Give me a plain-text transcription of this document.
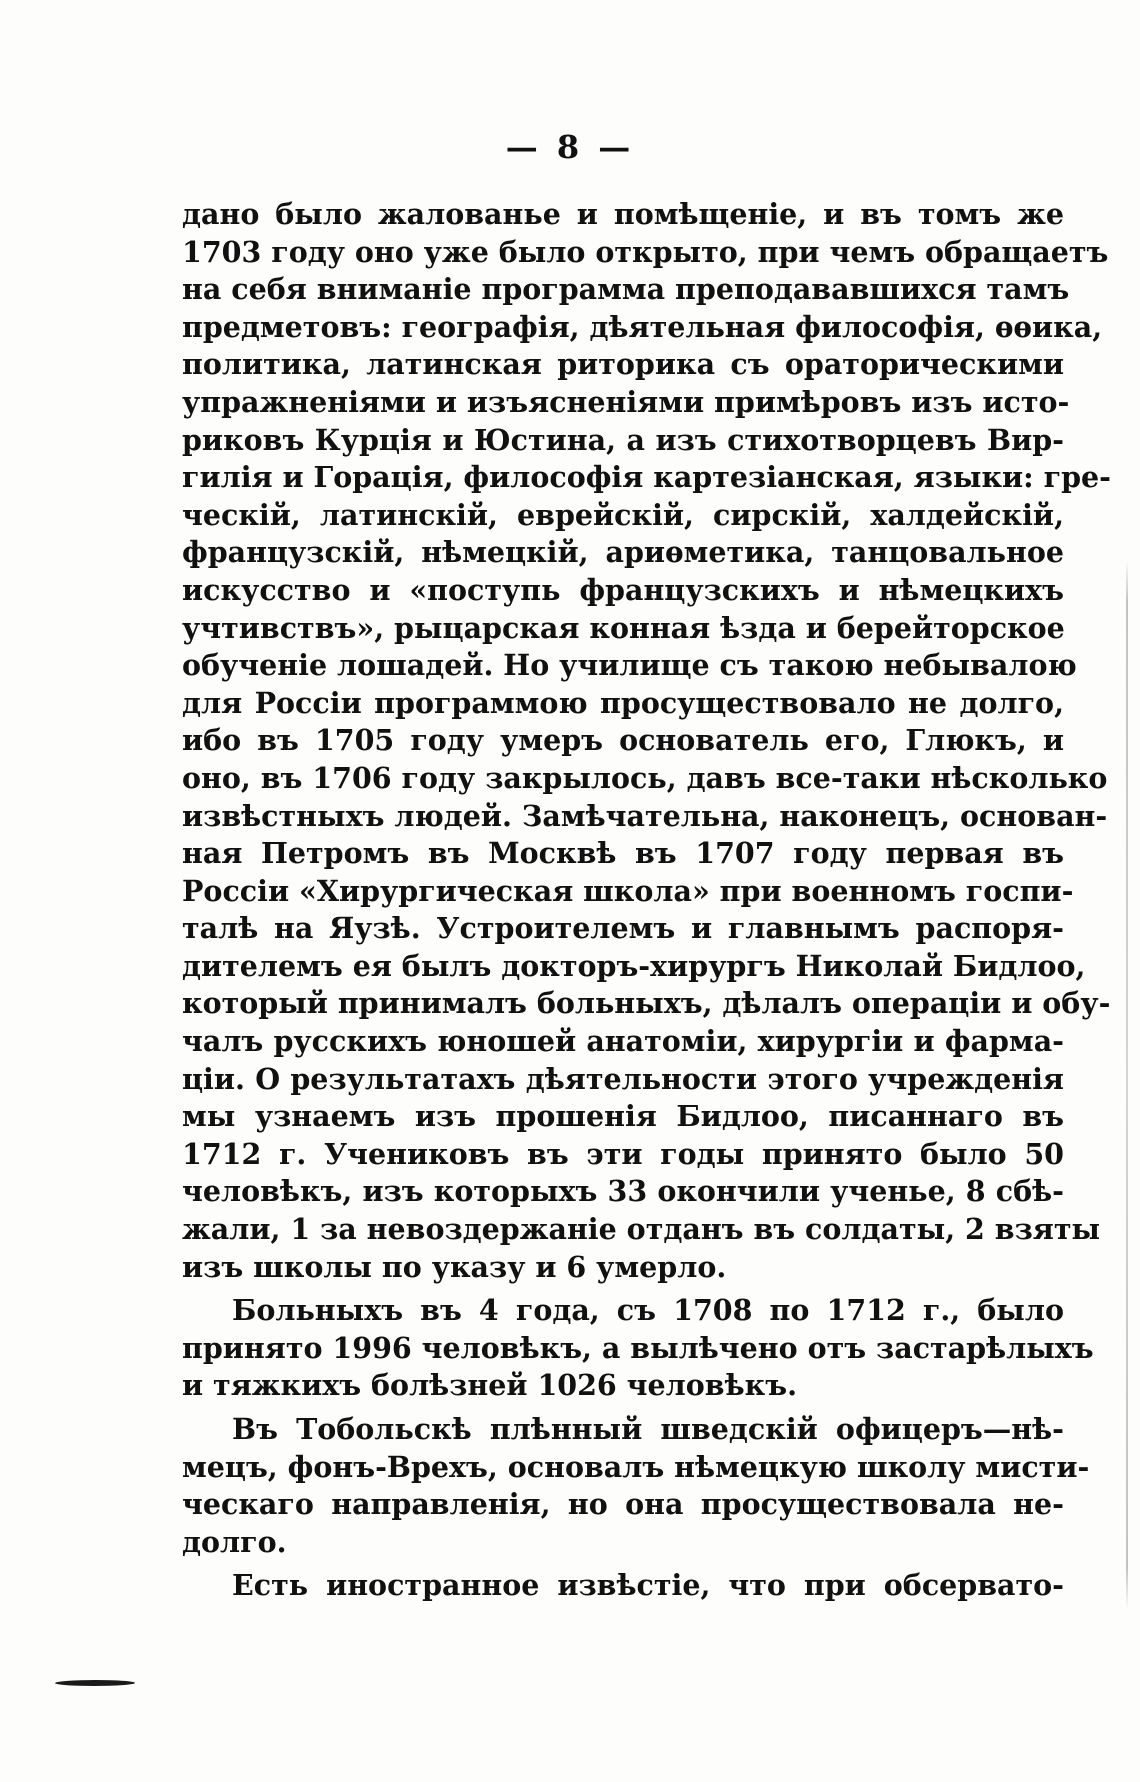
— 8 —
дано было жалованье и помѣщеніе, и въ томъ же
1703 году оно уже было открыто, при чемъ обращаетъ
на себя вниманіе программа преподававшихся тамъ
предметовъ: географія, дѣятельная философія, ѳѳика,
политика, латинская риторика съ ораторическими
упражненіями и изъясненіями примѣровъ изъ исто-
риковъ Курція и Юстина, а изъ стихотворцевъ Вир-
гилія и Горація, философія картезіанская, языки: гре-
ческій, латинскій, еврейскій, сирскій, халдейскій,
французскій, нѣмецкій, ариѳметика, танцовальное
искусство и «поступь французскихъ и нѣмецкихъ
учтивствъ», рыцарская конная ѣзда и берейторское
обученіе лошадей. Но училище съ такою небывалою
для Россіи программою просуществовало не долго,
ибо въ 1705 году умеръ основатель его, Глюкъ, и
оно, въ 1706 году закрылось, давъ все-таки нѣсколько
извѣстныхъ людей. Замѣчательна, наконецъ, основан-
ная Петромъ въ Москвѣ въ 1707 году первая въ
Россіи «Хирургическая школа» при военномъ госпи-
талѣ на Яузѣ. Устроителемъ и главнымъ распоря-
дителемъ ея былъ докторъ-хирургъ Николай Бидлоо,
который принималъ больныхъ, дѣлалъ операціи и обу-
чалъ русскихъ юношей анатоміи, хирургіи и фарма-
ціи. О результатахъ дѣятельности этого учрежденія
мы узнаемъ изъ прошенія Бидлоо, писаннаго въ
1712 г. Учениковъ въ эти годы принято было 50
человѣкъ, изъ которыхъ 33 окончили ученье, 8 сбѣ-
жали, 1 за невоздержаніе отданъ въ солдаты, 2 взяты
изъ школы по указу и 6 умерло.
Больныхъ въ 4 года, съ 1708 по 1712 г., было
принято 1996 человѣкъ, а вылѣчено отъ застарѣлыхъ
и тяжкихъ болѣзней 1026 человѣкъ.
Въ Тобольскѣ плѣнный шведскій офицеръ—нѣ-
мецъ, фонъ-Врехъ, основалъ нѣмецкую школу мисти-
ческаго направленія, но она просуществовала не-
долго.
Есть иностранное извѣстіе, что при обсервато-
